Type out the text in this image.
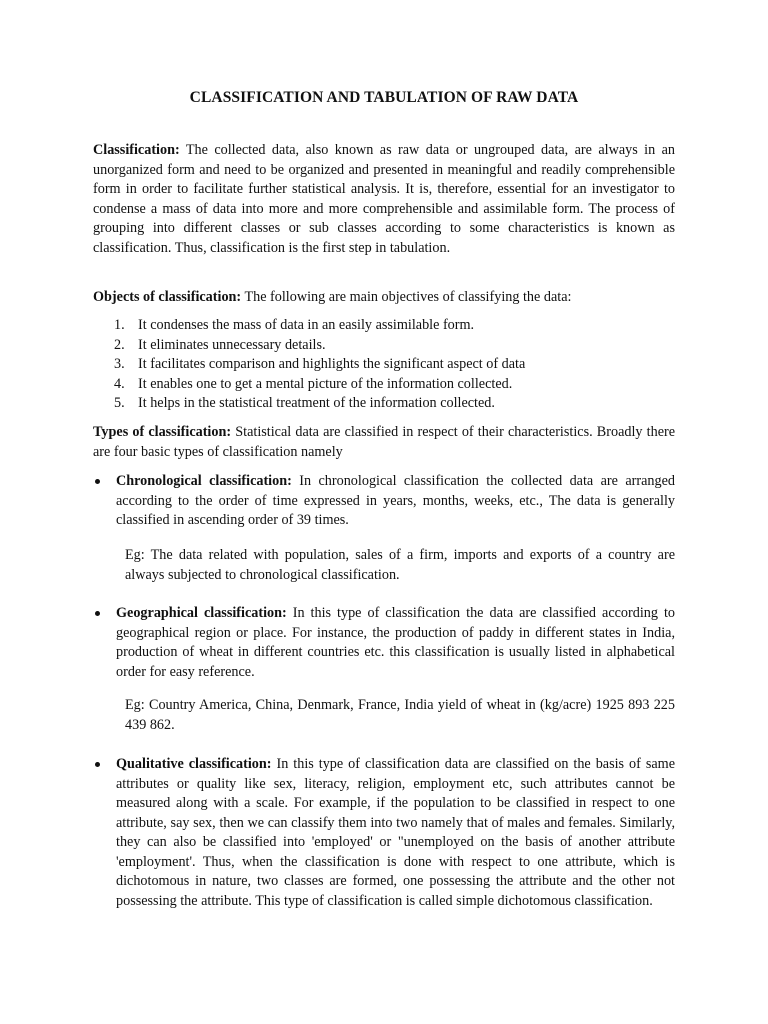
CLASSIFICATION AND TABULATION OF RAW DATA

Classification: The collected data, also known as raw data or ungrouped data, are always in an unorganized form and need to be organized and presented in meaningful and readily comprehensible form in order to facilitate further statistical analysis. It is, therefore, essential for an investigator to condense a mass of data into more and more comprehensible and assimilable form. The process of grouping into different classes or sub classes according to some characteristics is known as classification. Thus, classification is the first step in tabulation.

Objects of classification: The following are main objectives of classifying the data:

1. It condenses the mass of data in an easily assimilable form.
2. It eliminates unnecessary details.
3. It facilitates comparison and highlights the significant aspect of data
4. It enables one to get a mental picture of the information collected.
5. It helps in the statistical treatment of the information collected.

Types of classification: Statistical data are classified in respect of their characteristics. Broadly there are four basic types of classification namely

Chronological classification: In chronological classification the collected data are arranged according to the order of time expressed in years, months, weeks, etc., The data is generally classified in ascending order of 39 times.

Eg: The data related with population, sales of a firm, imports and exports of a country are always subjected to chronological classification.

Geographical classification: In this type of classification the data are classified according to geographical region or place. For instance, the production of paddy in different states in India, production of wheat in different countries etc. this classification is usually listed in alphabetical order for easy reference.

Eg: Country America, China, Denmark, France, India yield of wheat in (kg/acre) 1925 893 225 439 862.

Qualitative classification: In this type of classification data are classified on the basis of same attributes or quality like sex, literacy, religion, employment etc, such attributes cannot be measured along with a scale. For example, if the population to be classified in respect to one attribute, say sex, then we can classify them into two namely that of males and females. Similarly, they can also be classified into 'employed' or "unemployed on the basis of another attribute 'employment'. Thus, when the classification is done with respect to one attribute, which is dichotomous in nature, two classes are formed, one possessing the attribute and the other not possessing the attribute. This type of classification is called simple dichotomous classification.
